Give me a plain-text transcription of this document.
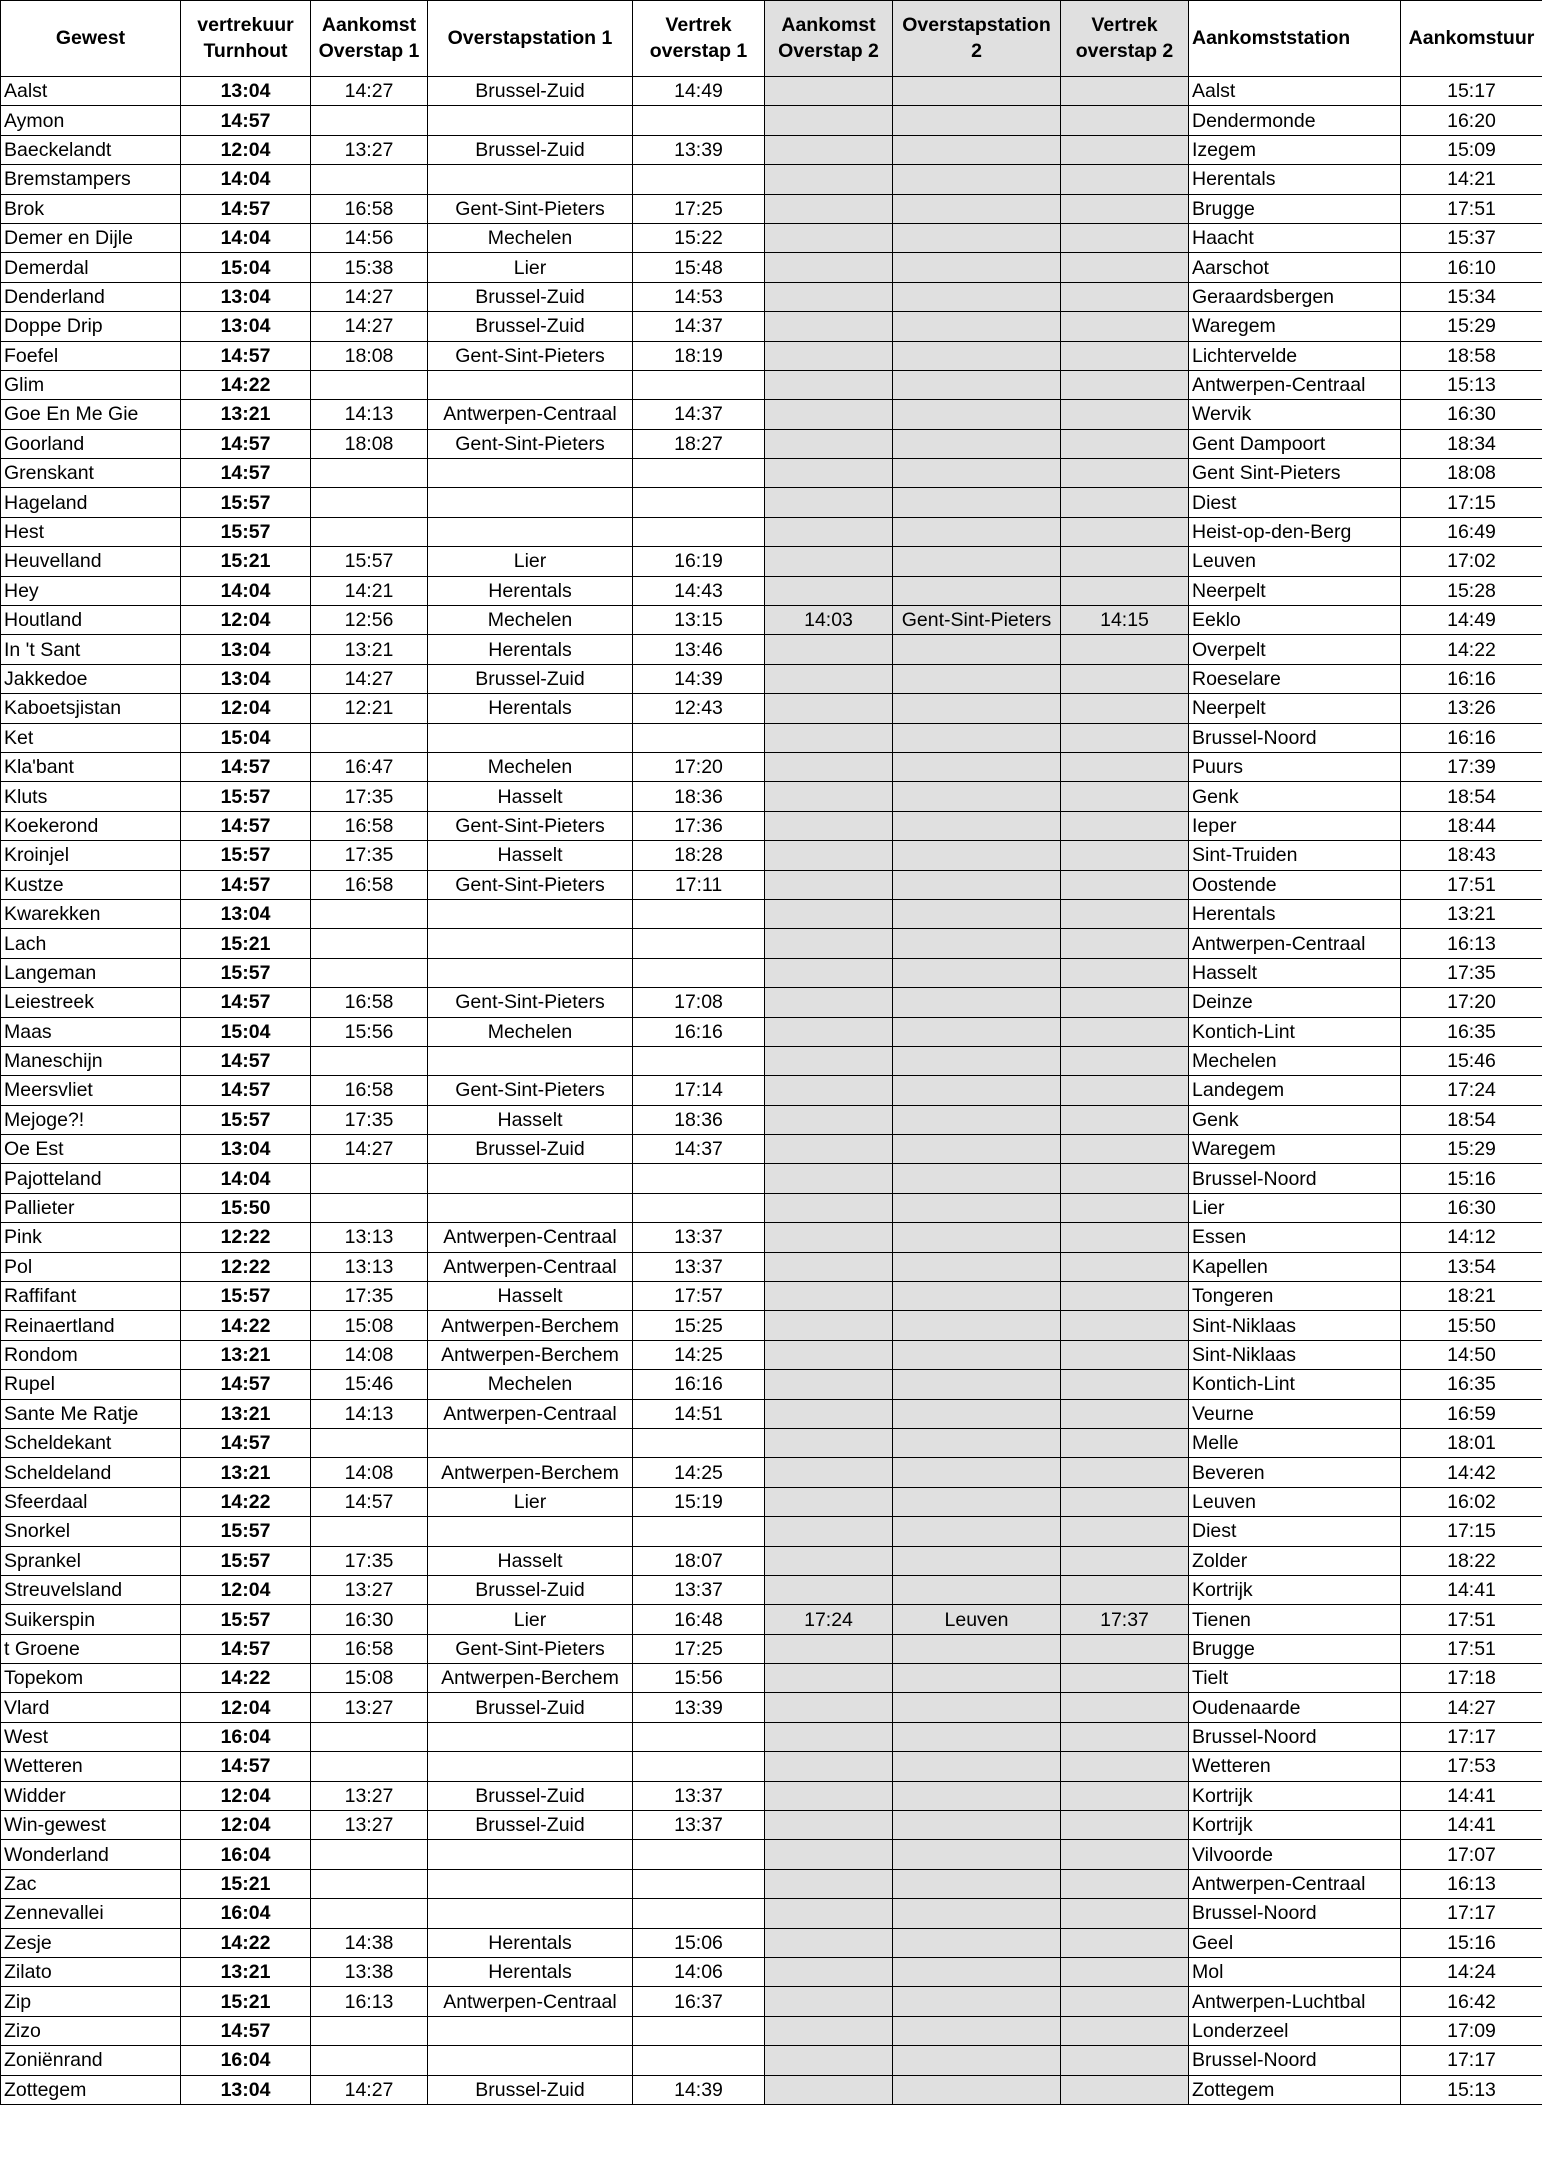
Gewest	vertrekuur Turnhout	Aankomst Overstap 1	Overstapstation 1	Vertrek overstap 1	Aankomst Overstap 2	Overstapstation 2	Vertrek overstap 2	Aankomststation	Aankomstuur
Aalst	13:04	14:27	Brussel-Zuid	14:49				Aalst	15:17
Aymon	14:57							Dendermonde	16:20
Baeckelandt	12:04	13:27	Brussel-Zuid	13:39				Izegem	15:09
Bremstampers	14:04							Herentals	14:21
Brok	14:57	16:58	Gent-Sint-Pieters	17:25				Brugge	17:51
Demer en Dijle	14:04	14:56	Mechelen	15:22				Haacht	15:37
Demerdal	15:04	15:38	Lier	15:48				Aarschot	16:10
Denderland	13:04	14:27	Brussel-Zuid	14:53				Geraardsbergen	15:34
Doppe Drip	13:04	14:27	Brussel-Zuid	14:37				Waregem	15:29
Foefel	14:57	18:08	Gent-Sint-Pieters	18:19				Lichtervelde	18:58
Glim	14:22							Antwerpen-Centraal	15:13
Goe En Me Gie	13:21	14:13	Antwerpen-Centraal	14:37				Wervik	16:30
Goorland	14:57	18:08	Gent-Sint-Pieters	18:27				Gent Dampoort	18:34
Grenskant	14:57							Gent Sint-Pieters	18:08
Hageland	15:57							Diest	17:15
Hest	15:57							Heist-op-den-Berg	16:49
Heuvelland	15:21	15:57	Lier	16:19				Leuven	17:02
Hey	14:04	14:21	Herentals	14:43				Neerpelt	15:28
Houtland	12:04	12:56	Mechelen	13:15	14:03	Gent-Sint-Pieters	14:15	Eeklo	14:49
In 't Sant	13:04	13:21	Herentals	13:46				Overpelt	14:22
Jakkedoe	13:04	14:27	Brussel-Zuid	14:39				Roeselare	16:16
Kaboetsjistan	12:04	12:21	Herentals	12:43				Neerpelt	13:26
Ket	15:04							Brussel-Noord	16:16
Kla'bant	14:57	16:47	Mechelen	17:20				Puurs	17:39
Kluts	15:57	17:35	Hasselt	18:36				Genk	18:54
Koekerond	14:57	16:58	Gent-Sint-Pieters	17:36				Ieper	18:44
Kroinjel	15:57	17:35	Hasselt	18:28				Sint-Truiden	18:43
Kustze	14:57	16:58	Gent-Sint-Pieters	17:11				Oostende	17:51
Kwarekken	13:04							Herentals	13:21
Lach	15:21							Antwerpen-Centraal	16:13
Langeman	15:57							Hasselt	17:35
Leiestreek	14:57	16:58	Gent-Sint-Pieters	17:08				Deinze	17:20
Maas	15:04	15:56	Mechelen	16:16				Kontich-Lint	16:35
Maneschijn	14:57							Mechelen	15:46
Meersvliet	14:57	16:58	Gent-Sint-Pieters	17:14				Landegem	17:24
Mejoge?!	15:57	17:35	Hasselt	18:36				Genk	18:54
Oe Est	13:04	14:27	Brussel-Zuid	14:37				Waregem	15:29
Pajotteland	14:04							Brussel-Noord	15:16
Pallieter	15:50							Lier	16:30
Pink	12:22	13:13	Antwerpen-Centraal	13:37				Essen	14:12
Pol	12:22	13:13	Antwerpen-Centraal	13:37				Kapellen	13:54
Raffifant	15:57	17:35	Hasselt	17:57				Tongeren	18:21
Reinaertland	14:22	15:08	Antwerpen-Berchem	15:25				Sint-Niklaas	15:50
Rondom	13:21	14:08	Antwerpen-Berchem	14:25				Sint-Niklaas	14:50
Rupel	14:57	15:46	Mechelen	16:16				Kontich-Lint	16:35
Sante Me Ratje	13:21	14:13	Antwerpen-Centraal	14:51				Veurne	16:59
Scheldekant	14:57							Melle	18:01
Scheldeland	13:21	14:08	Antwerpen-Berchem	14:25				Beveren	14:42
Sfeerdaal	14:22	14:57	Lier	15:19				Leuven	16:02
Snorkel	15:57							Diest	17:15
Sprankel	15:57	17:35	Hasselt	18:07				Zolder	18:22
Streuvelsland	12:04	13:27	Brussel-Zuid	13:37				Kortrijk	14:41
Suikerspin	15:57	16:30	Lier	16:48	17:24	Leuven	17:37	Tienen	17:51
t Groene	14:57	16:58	Gent-Sint-Pieters	17:25				Brugge	17:51
Topekom	14:22	15:08	Antwerpen-Berchem	15:56				Tielt	17:18
Vlard	12:04	13:27	Brussel-Zuid	13:39				Oudenaarde	14:27
West	16:04							Brussel-Noord	17:17
Wetteren	14:57							Wetteren	17:53
Widder	12:04	13:27	Brussel-Zuid	13:37				Kortrijk	14:41
Win-gewest	12:04	13:27	Brussel-Zuid	13:37				Kortrijk	14:41
Wonderland	16:04							Vilvoorde	17:07
Zac	15:21							Antwerpen-Centraal	16:13
Zennevallei	16:04							Brussel-Noord	17:17
Zesje	14:22	14:38	Herentals	15:06				Geel	15:16
Zilato	13:21	13:38	Herentals	14:06				Mol	14:24
Zip	15:21	16:13	Antwerpen-Centraal	16:37				Antwerpen-Luchtbal	16:42
Zizo	14:57							Londerzeel	17:09
Zoniënrand	16:04							Brussel-Noord	17:17
Zottegem	13:04	14:27	Brussel-Zuid	14:39				Zottegem	15:13
